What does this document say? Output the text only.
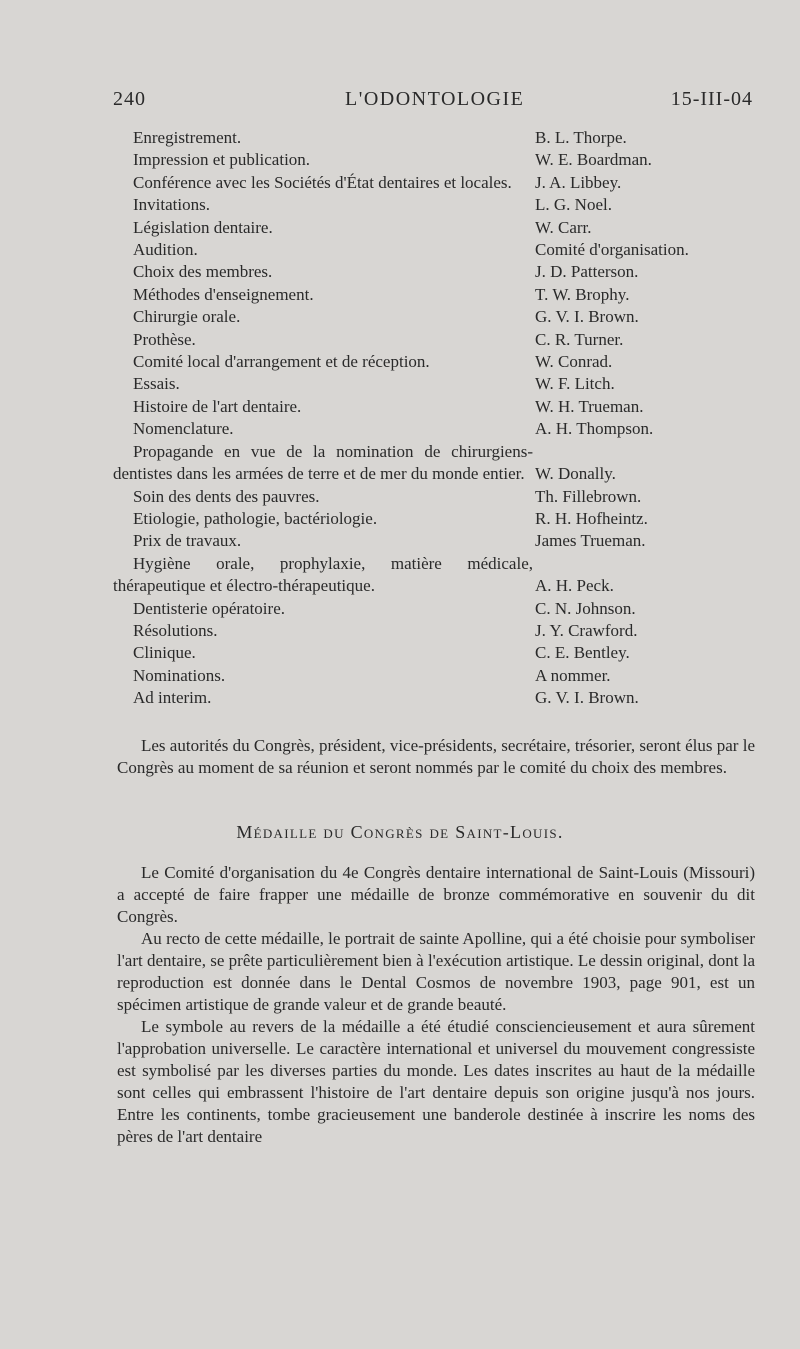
240	L'ODONTOLOGIE	15-III-04
Enregistrement.	B. L. Thorpe.
Impression et publication.	W. E. Boardman.
Conférence avec les Sociétés d'État dentaires et locales.	J. A. Libbey.
Invitations.	L. G. Noel.
Législation dentaire.	W. Carr.
Audition.	Comité d'organisation.
Choix des membres.	J. D. Patterson.
Méthodes d'enseignement.	T. W. Brophy.
Chirurgie orale.	G. V. I. Brown.
Prothèse.	C. R. Turner.
Comité local d'arrangement et de réception.	W. Conrad.
Essais.	W. F. Litch.
Histoire de l'art dentaire.	W. H. Trueman.
Nomenclature.	A. H. Thompson.
Propagande en vue de la nomination de chirurgiens-dentistes dans les armées de terre et de mer du monde entier. W. Donally.
Soin des dents des pauvres.	Th. Fillebrown.
Etiologie, pathologie, bactériologie.	R. H. Hofheintz.
Prix de travaux.	James Trueman.
Hygiène orale, prophylaxie, matière médicale, thérapeutique et électro-thérapeutique.	A. H. Peck.
Dentisterie opératoire.	C. N. Johnson.
Résolutions.	J. Y. Crawford.
Clinique.	C. E. Bentley.
Nominations.	A nommer.
Ad interim.	G. V. I. Brown.

Les autorités du Congrès, président, vice-présidents, secrétaire, trésorier, seront élus par le Congrès au moment de sa réunion et seront nommés par le comité du choix des membres.

Médaille du Congrès de Saint-Louis.

Le Comité d'organisation du 4e Congrès dentaire international de Saint-Louis (Missouri) a accepté de faire frapper une médaille de bronze commémorative en souvenir du dit Congrès.

Au recto de cette médaille, le portrait de sainte Apolline, qui a été choisie pour symboliser l'art dentaire, se prête particulièrement bien à l'exécution artistique. Le dessin original, dont la reproduction est donnée dans le Dental Cosmos de novembre 1903, page 901, est un spécimen artistique de grande valeur et de grande beauté.

Le symbole au revers de la médaille a été étudié consciencieusement et aura sûrement l'approbation universelle. Le caractère international et universel du mouvement congressiste est symbolisé par les diverses parties du monde. Les dates inscrites au haut de la médaille sont celles qui embrassent l'histoire de l'art dentaire depuis son origine jusqu'à nos jours. Entre les continents, tombe gracieusement une banderole destinée à inscrire les noms des pères de l'art dentaire
